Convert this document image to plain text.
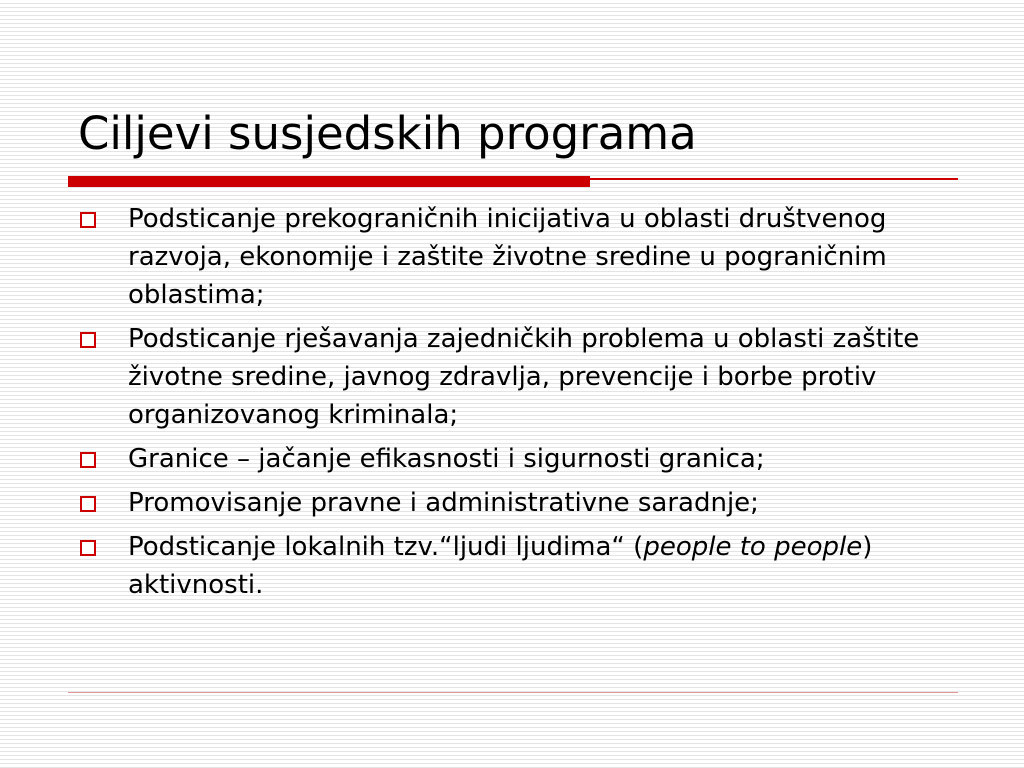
Ciljevi susjedskih programa
Podsticanje prekograničnih inicijativa u oblasti društvenog razvoja, ekonomije i zaštite životne sredine u pograničnim oblastima;
Podsticanje rješavanja zajedničkih problema u oblasti zaštite životne sredine, javnog zdravlja, prevencije i borbe protiv organizovanog kriminala;
Granice – jačanje efikasnosti i sigurnosti granica;
Promovisanje pravne i administrativne saradnje;
Podsticanje lokalnih tzv.“ljudi ljudima“ (people to people) aktivnosti.
